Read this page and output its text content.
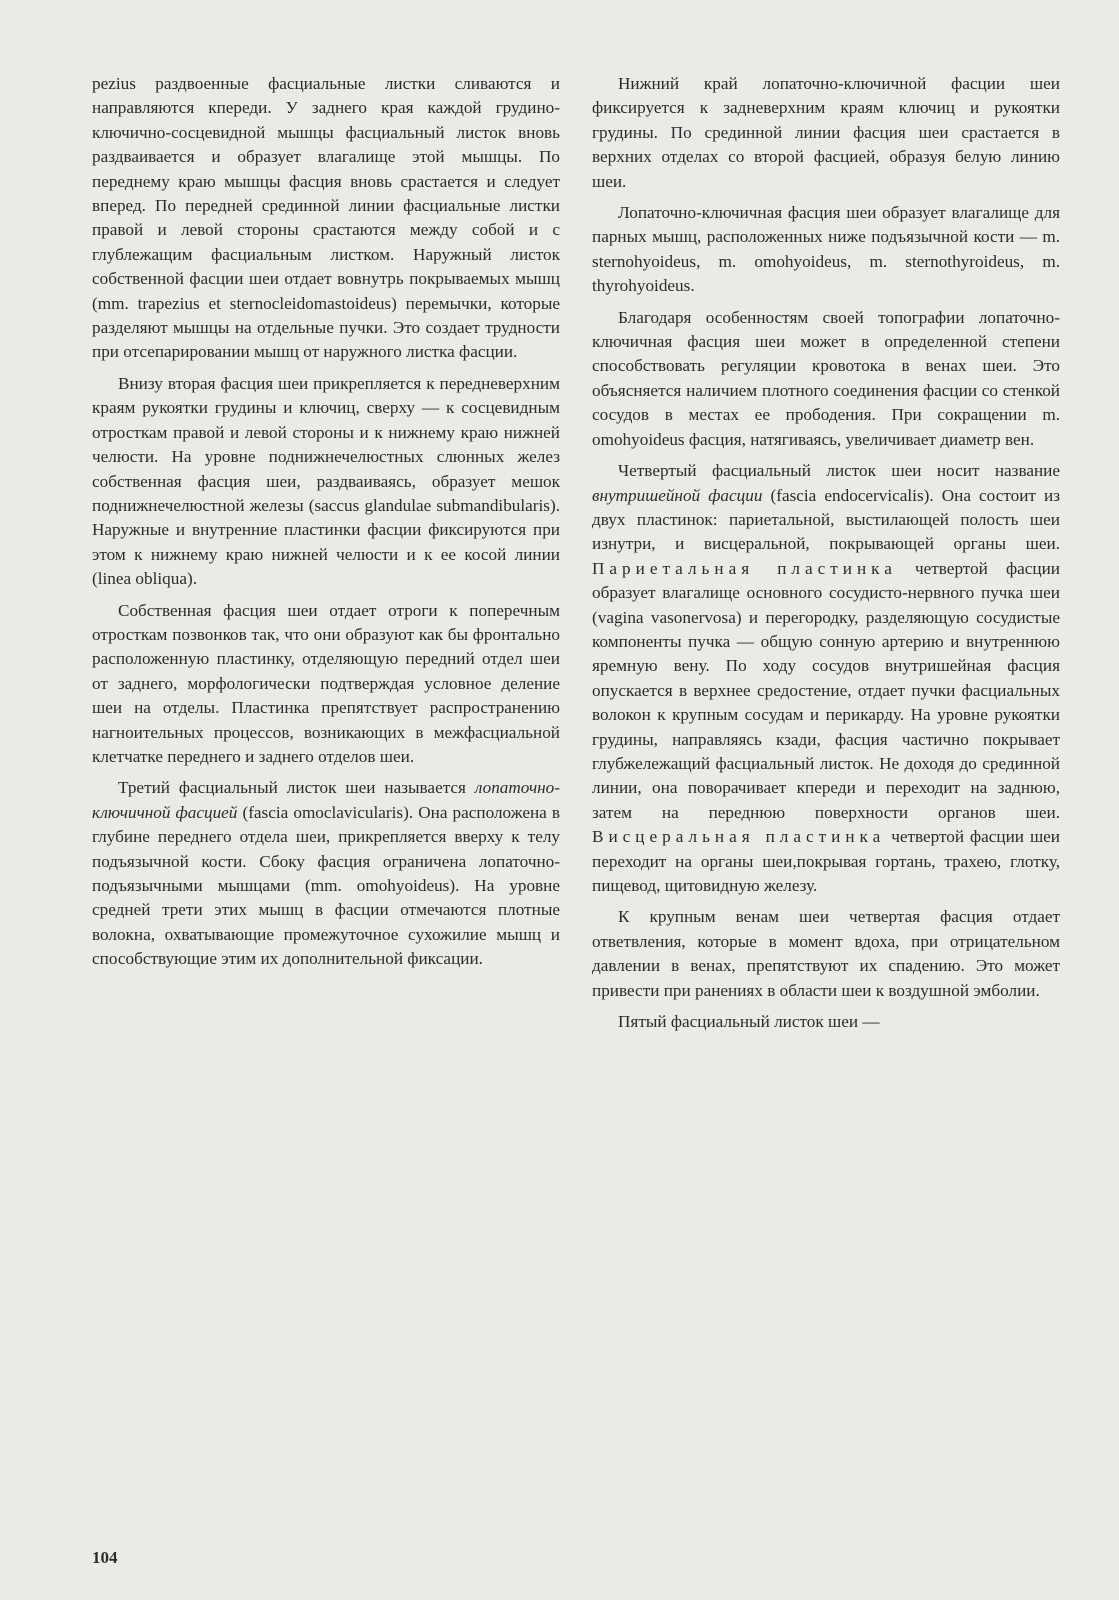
pezius раздвоенные фасциальные листки сливаются и направляются кпереди. У заднего края каждой грудино-ключично-сосцевидной мышцы фасциальный листок вновь раздваивается и образует влагалище этой мышцы. По переднему краю мышцы фасция вновь срастается и следует вперед. По передней срединной линии фасциальные листки правой и левой стороны срастаются между собой и с глублежащим фасциальным листком. Наружный листок собственной фасции шеи отдает вовнутрь покрываемых мышц (mm. trapezius et sternocleidomastoideus) перемычки, которые разделяют мышцы на отдельные пучки. Это создает трудности при отсепарировании мышц от наружного листка фасции.

Внизу вторая фасция шеи прикрепляется к передневерхним краям рукоятки грудины и ключиц, сверху — к сосцевидным отросткам правой и левой стороны и к нижнему краю нижней челюсти. На уровне поднижнечелюстных слюнных желез собственная фасция шеи, раздваиваясь, образует мешок поднижнечелюстной железы (saccus glandulae submandibularis). Наружные и внутренние пластинки фасции фиксируются при этом к нижнему краю нижней челюсти и к ее косой линии (linea obliqua).

Собственная фасция шеи отдает отроги к поперечным отросткам позвонков так, что они образуют как бы фронтально расположенную пластинку, отделяющую передний отдел шеи от заднего, морфологически подтверждая условное деление шеи на отделы. Пластинка препятствует распространению нагноительных процессов, возникающих в межфасциальной клетчатке переднего и заднего отделов шеи.

Третий фасциальный листок шеи называется лопаточно-ключичной фасцией (fascia omoclavicularis). Она расположена в глубине переднего отдела шеи, прикрепляется вверху к телу подъязычной кости. Сбоку фасция ограничена лопаточно-подъязычными мышцами (mm. omohyoideus). На уровне средней трети этих мышц в фасции отмечаются плотные волокна, охватывающие промежуточное сухожилие мышц и способствующие этим их дополнительной фиксации.

Нижний край лопаточно-ключичной фасции шеи фиксируется к задневерхним краям ключиц и рукоятки грудины. По срединной линии фасция шеи срастается в верхних отделах со второй фасцией, образуя белую линию шеи.

Лопаточно-ключичная фасция шеи образует влагалище для парных мышц, расположенных ниже подъязычной кости — m. sternohyoideus, m. omohyoideus, m. sternothyroideus, m. thyrohyoideus.

Благодаря особенностям своей топографии лопаточно-ключичная фасция шеи может в определенной степени способствовать регуляции кровотока в венах шеи. Это объясняется наличием плотного соединения фасции со стенкой сосудов в местах ее прободения. При сокращении m. omohyoideus фасция, натягиваясь, увеличивает диаметр вен.

Четвертый фасциальный листок шеи носит название внутришейной фасции (fascia endocervicalis). Она состоит из двух пластинок: париетальной, выстилающей полость шеи изнутри, и висцеральной, покрывающей органы шеи. Париетальная пластинка четвертой фасции образует влагалище основного сосудисто-нервного пучка шеи (vagina vasonervosa) и перегородку, разделяющую сосудистые компоненты пучка — общую сонную артерию и внутреннюю яремную вену. По ходу сосудов внутришейная фасция опускается в верхнее средостение, отдает пучки фасциальных волокон к крупным сосудам и перикарду. На уровне рукоятки грудины, направляясь кзади, фасция частично покрывает глубжележащий фасциальный листок. Не доходя до срединной линии, она поворачивает кпереди и переходит на заднюю, затем на переднюю поверхности органов шеи. Висцеральная пластинка четвертой фасции шеи переходит на органы шеи,покрывая гортань, трахею, глотку, пищевод, щитовидную железу.

К крупным венам шеи четвертая фасция отдает ответвления, которые в момент вдоха, при отрицательном давлении в венах, препятствуют их спадению. Это может привести при ранениях в области шеи к воздушной эмболии.

Пятый фасциальный листок шеи —

104
